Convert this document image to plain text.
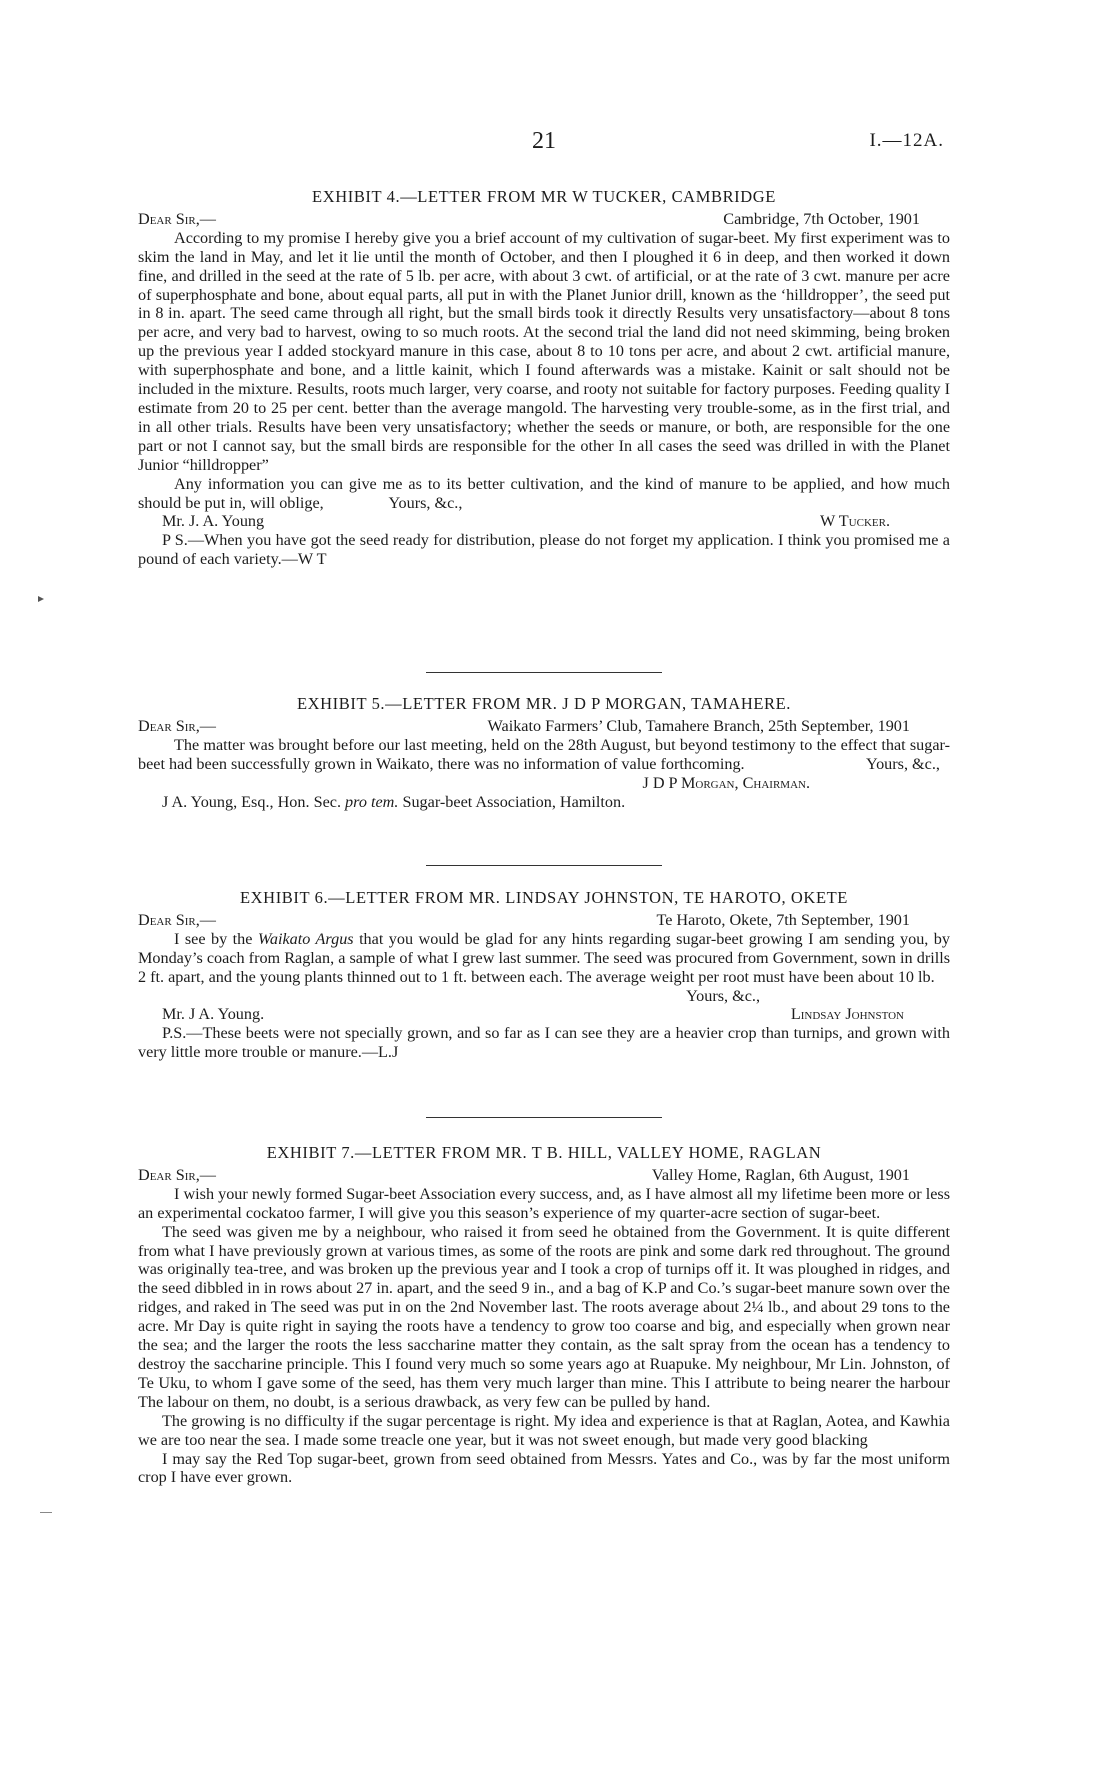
21	I.—12A.
EXHIBIT 4.—LETTER FROM MR W TUCKER, CAMBRIDGE
Dear Sir,—	Cambridge, 7th October, 1901

According to my promise I hereby give you a brief account of my cultivation of sugar-beet. My first experiment was to skim the land in May, and let it lie until the month of October, and then I ploughed it 6 in deep, and then worked it down fine, and drilled in the seed at the rate of 5 lb. per acre, with about 3 cwt. of artificial, or at the rate of 3 cwt. manure per acre of superphosphate and bone, about equal parts, all put in with the Planet Junior drill, known as the ‘hilldropper’, the seed put in 8 in. apart. The seed came through all right, but the small birds took it directly Results very unsatisfactory—about 8 tons per acre, and very bad to harvest, owing to so much roots. At the second trial the land did not need skimming, being broken up the previous year I added stockyard manure in this case, about 8 to 10 tons per acre, and about 2 cwt. artificial manure, with superphosphate and bone, and a little kainit, which I found afterwards was a mistake. Kainit or salt should not be included in the mixture. Results, roots much larger, very coarse, and rooty not suitable for factory purposes. Feeding quality I estimate from 20 to 25 per cent. better than the average mangold. The harvesting very trouble-some, as in the first trial, and in all other trials. Results have been very unsatisfactory; whether the seeds or manure, or both, are responsible for the one part or not I cannot say, but the small birds are responsible for the other In all cases the seed was drilled in with the Planet Junior “hilldropper”

Any information you can give me as to its better cultivation, and the kind of manure to be applied, and how much should be put in, will oblige,	Yours, &c.,

Mr. J. A. Young	W Tucker.

P S.—When you have got the seed ready for distribution, please do not forget my application. I think you promised me a pound of each variety.—W T

EXHIBIT 5.—LETTER FROM MR. J D P MORGAN, TAMAHERE.
Dear Sir,—	Waikato Farmers’ Club, Tamahere Branch, 25th September, 1901

The matter was brought before our last meeting, held on the 28th August, but beyond testimony to the effect that sugar-beet had been successfully grown in Waikato, there was no information of value forthcoming.	Yours, &c.,

J D P Morgan, Chairman.
J A. Young, Esq., Hon. Sec. pro tem. Sugar-beet Association, Hamilton.
EXHIBIT 6.—LETTER FROM MR. LINDSAY JOHNSTON, TE HAROTO, OKETE
Dear Sir,—	Te Haroto, Okete, 7th September, 1901

I see by the Waikato Argus that you would be glad for any hints regarding sugar-beet growing I am sending you, by Monday’s coach from Raglan, a sample of what I grew last summer. The seed was procured from Government, sown in drills 2 ft. apart, and the young plants thinned out to 1 ft. between each. The average weight per root must have been about 10 lb.

Yours, &c.,
Mr. J A. Young.	Lindsay Johnston

P.S.—These beets were not specially grown, and so far as I can see they are a heavier crop than turnips, and grown with very little more trouble or manure.—L.J

EXHIBIT 7.—LETTER FROM MR. T B. HILL, VALLEY HOME, RAGLAN
Dear Sir,—	Valley Home, Raglan, 6th August, 1901

I wish your newly formed Sugar-beet Association every success, and, as I have almost all my lifetime been more or less an experimental cockatoo farmer, I will give you this season’s experience of my quarter-acre section of sugar-beet.

The seed was given me by a neighbour, who raised it from seed he obtained from the Government. It is quite different from what I have previously grown at various times, as some of the roots are pink and some dark red throughout. The ground was originally tea-tree, and was broken up the previous year and I took a crop of turnips off it. It was ploughed in ridges, and the seed dibbled in in rows about 27 in. apart, and the seed 9 in., and a bag of K.P and Co.’s sugar-beet manure sown over the ridges, and raked in The seed was put in on the 2nd November last. The roots average about 2¼ lb., and about 29 tons to the acre. Mr Day is quite right in saying the roots have a tendency to grow too coarse and big, and especially when grown near the sea; and the larger the roots the less saccharine matter they contain, as the salt spray from the ocean has a tendency to destroy the saccharine principle. This I found very much so some years ago at Ruapuke. My neighbour, Mr Lin. Johnston, of Te Uku, to whom I gave some of the seed, has them very much larger than mine. This I attribute to being nearer the harbour The labour on them, no doubt, is a serious drawback, as very few can be pulled by hand.

The growing is no difficulty if the sugar percentage is right. My idea and experience is that at Raglan, Aotea, and Kawhia we are too near the sea. I made some treacle one year, but it was not sweet enough, but made very good blacking

I may say the Red Top sugar-beet, grown from seed obtained from Messrs. Yates and Co., was by far the most uniform crop I have ever grown.
